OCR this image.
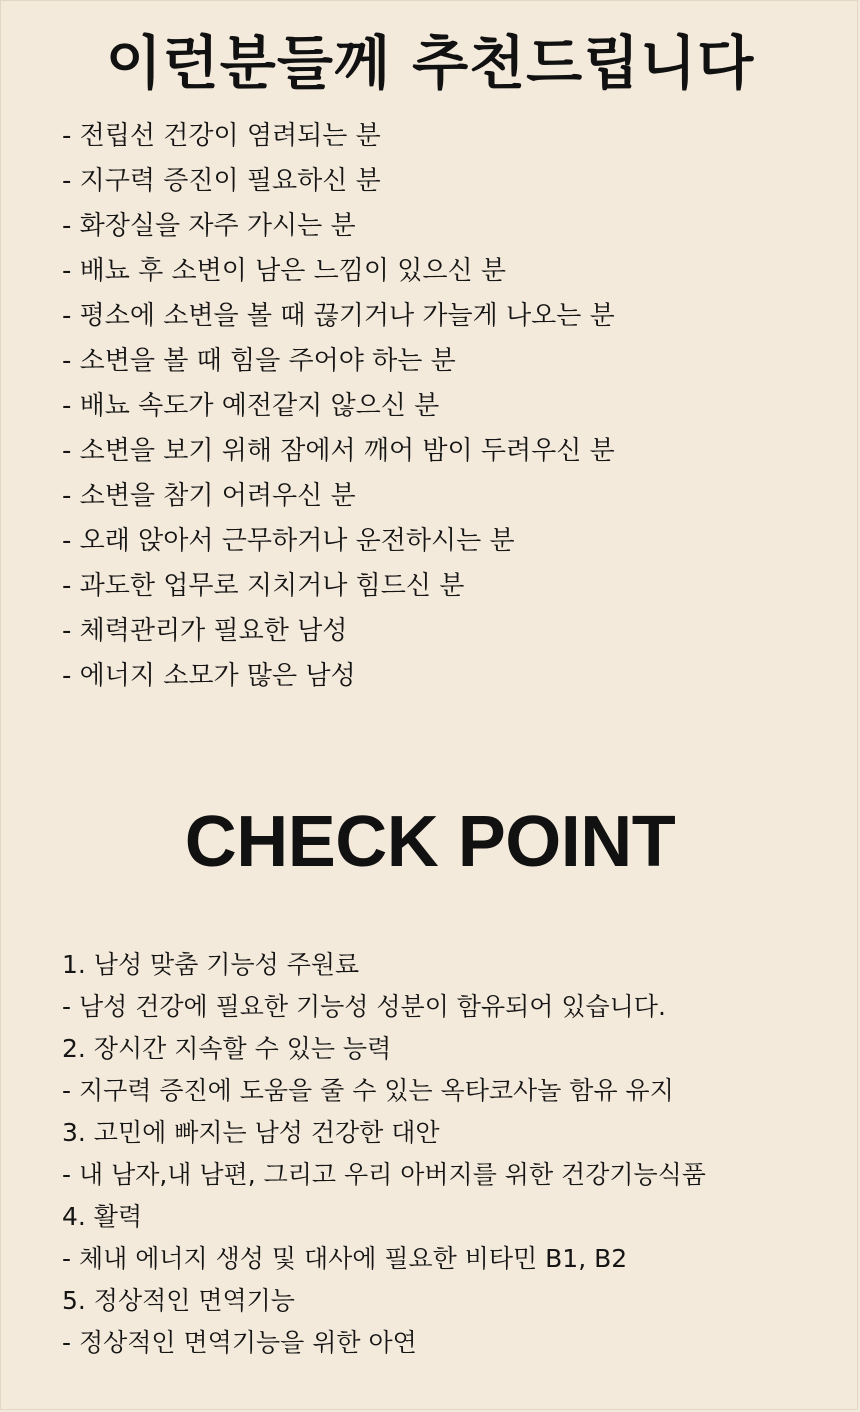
이런분들께 추천드립니다
- 전립선 건강이 염려되는 분
- 지구력 증진이 필요하신 분
- 화장실을 자주 가시는 분
- 배뇨 후 소변이 남은 느낌이 있으신 분
- 평소에 소변을 볼 때 끊기거나 가늘게 나오는 분
- 소변을 볼 때 힘을 주어야 하는 분
- 배뇨 속도가 예전같지 않으신 분
- 소변을 보기 위해 잠에서 깨어 밤이 두려우신 분
- 소변을 참기 어려우신 분
- 오래 앉아서 근무하거나 운전하시는 분
- 과도한 업무로 지치거나 힘드신 분
- 체력관리가 필요한 남성
- 에너지 소모가 많은 남성
CHECK POINT
1. 남성 맞춤 기능성 주원료
- 남성 건강에 필요한 기능성 성분이 함유되어 있습니다.
2. 장시간 지속할 수 있는 능력
- 지구력 증진에 도움을 줄 수 있는 옥타코사놀 함유 유지
3. 고민에 빠지는 남성 건강한 대안
- 내 남자,내 남편, 그리고 우리 아버지를 위한 건강기능식품
4. 활력
- 체내 에너지 생성 및 대사에 필요한 비타민 B1, B2
5. 정상적인 면역기능
- 정상적인 면역기능을 위한 아연
